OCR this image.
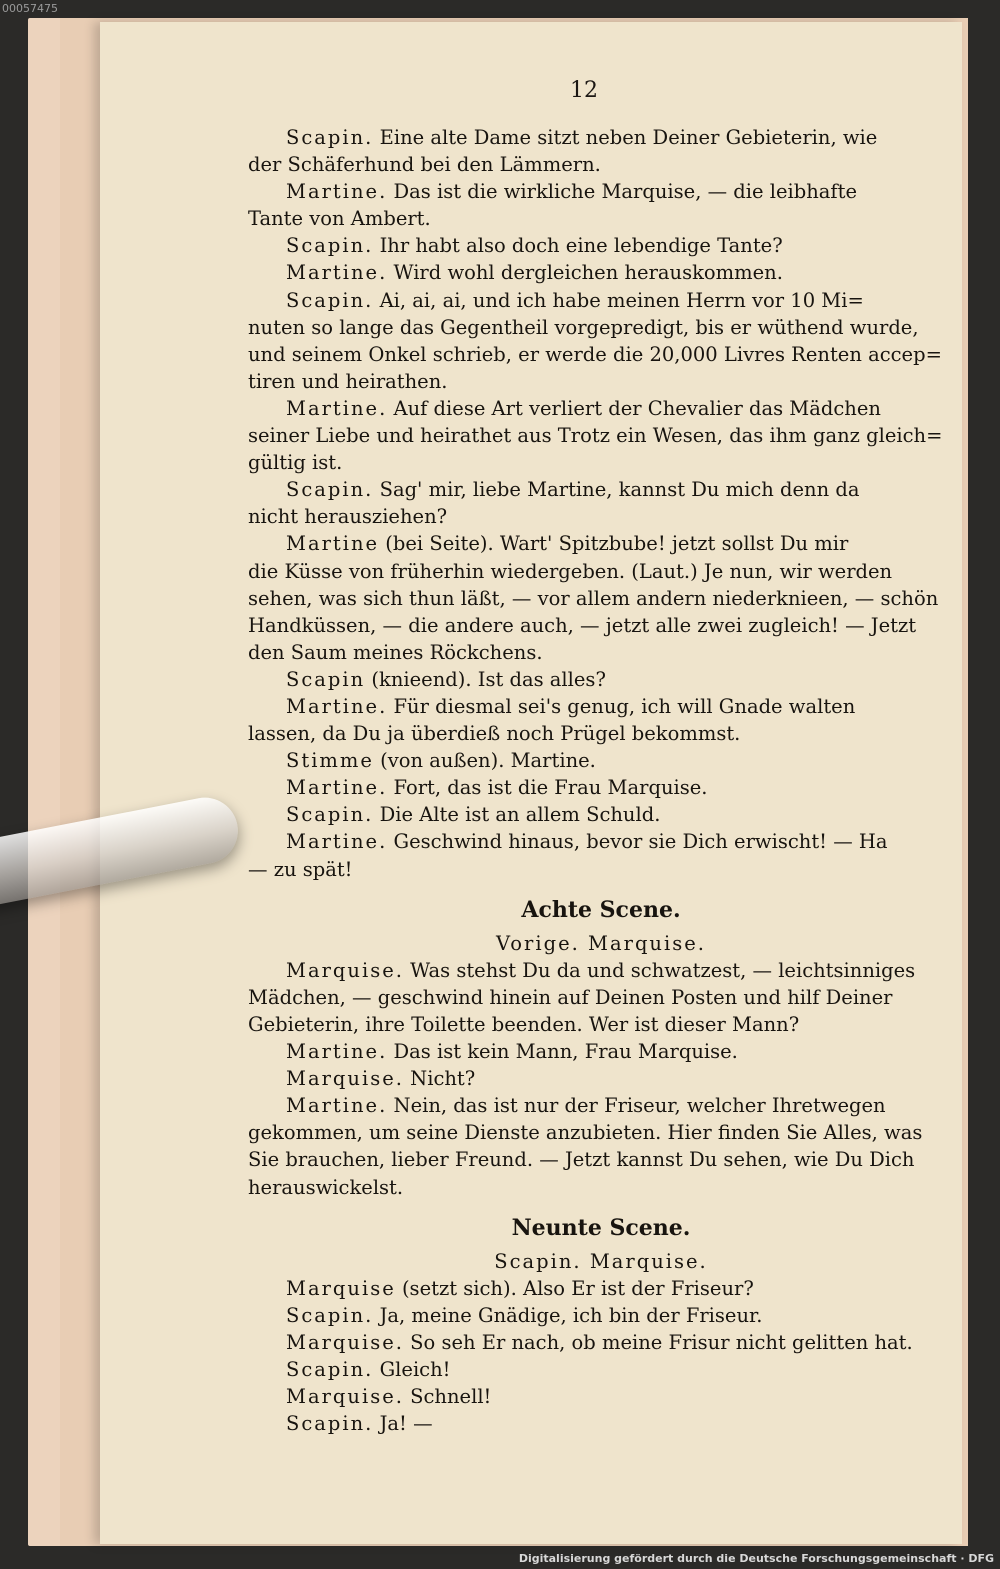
00057475
12
Scapin. Eine alte Dame sitzt neben Deiner Gebieterin, wie
der Schäferhund bei den Lämmern.
Martine. Das ist die wirkliche Marquise, — die leibhafte
Tante von Ambert.
Scapin. Ihr habt also doch eine lebendige Tante?
Martine. Wird wohl dergleichen herauskommen.
Scapin. Ai, ai, ai, und ich habe meinen Herrn vor 10 Mi=
nuten so lange das Gegentheil vorgepredigt, bis er wüthend wurde,
und seinem Onkel schrieb, er werde die 20,000 Livres Renten accep=
tiren und heirathen.
Martine. Auf diese Art verliert der Chevalier das Mädchen
seiner Liebe und heirathet aus Trotz ein Wesen, das ihm ganz gleich=
gültig ist.
Scapin. Sag' mir, liebe Martine, kannst Du mich denn da
nicht herausziehen?
Martine (bei Seite). Wart' Spitzbube! jetzt sollst Du mir
die Küsse von früherhin wiedergeben. (Laut.) Je nun, wir werden
sehen, was sich thun läßt, — vor allem andern niederknieen, — schön
Handküssen, — die andere auch, — jetzt alle zwei zugleich! — Jetzt
den Saum meines Röckchens.
Scapin (knieend). Ist das alles?
Martine. Für diesmal sei's genug, ich will Gnade walten
lassen, da Du ja überdieß noch Prügel bekommst.
Stimme (von außen). Martine.
Martine. Fort, das ist die Frau Marquise.
Scapin. Die Alte ist an allem Schuld.
Martine. Geschwind hinaus, bevor sie Dich erwischt! — Ha
— zu spät!
Achte Scene.
Vorige. Marquise.
Marquise. Was stehst Du da und schwatzest, — leichtsinniges
Mädchen, — geschwind hinein auf Deinen Posten und hilf Deiner
Gebieterin, ihre Toilette beenden. Wer ist dieser Mann?
Martine. Das ist kein Mann, Frau Marquise.
Marquise. Nicht?
Martine. Nein, das ist nur der Friseur, welcher Ihretwegen
gekommen, um seine Dienste anzubieten. Hier finden Sie Alles, was
Sie brauchen, lieber Freund. — Jetzt kannst Du sehen, wie Du Dich
herauswickelst.
Neunte Scene.
Scapin. Marquise.
Marquise (setzt sich). Also Er ist der Friseur?
Scapin. Ja, meine Gnädige, ich bin der Friseur.
Marquise. So seh Er nach, ob meine Frisur nicht gelitten hat.
Scapin. Gleich!
Marquise. Schnell!
Scapin. Ja! —
Digitalisierung gefördert durch die Deutsche Forschungsgemeinschaft · DFG
